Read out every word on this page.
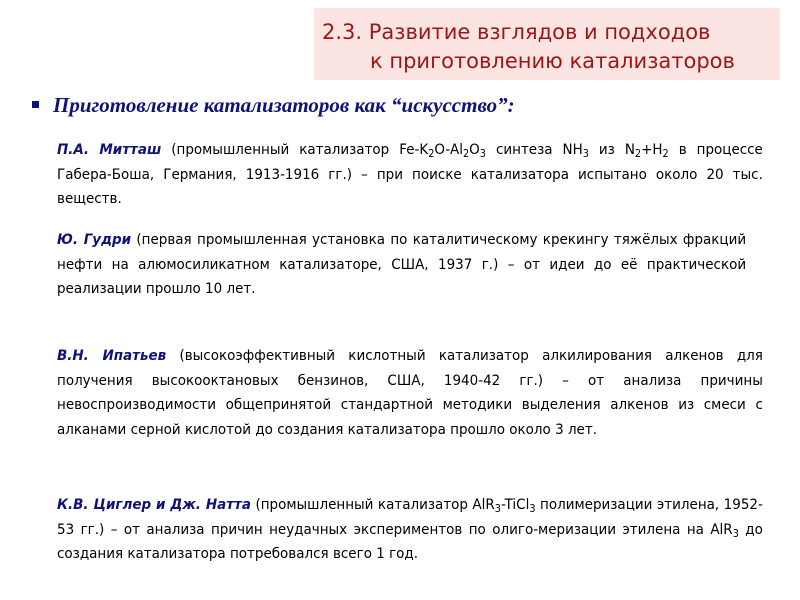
2.3. Развитие взглядов и подходов
к приготовлению катализаторов
Приготовление катализаторов как “искусство”:

П.А. Митташ (промышленный катализатор $Fe-K_2O-Al_2O_3$ синтеза $NH_3$ из $N_2+H_2$ в процессе Габера-Боша, Германия, 1913-1916 гг.) – при поиске катализатора испытано около 20 тыс. веществ.

Ю. Гудри (первая промышленная установка по каталитическому крекингу тяжёлых фракций нефти на алюмосиликатном катализаторе, США, 1937 г.) – от идеи до её практической реализации прошло 10 лет.

В.Н. Ипатьев (высокоэффективный кислотный катализатор алкилирования алкенов для получения высокооктановых бензинов, США, 1940-42 гг.) – от анализа причины невоспроизводимости общепринятой стандартной методики выделения алкенов из смеси с алканами серной кислотой до создания катализатора прошло около 3 лет.

К.В. Циглер и Дж. Натта (промышленный катализатор AlR$_3$-TiCl$_3$ полимеризации этилена, 1952-53 гг.) – от анализа причин неудачных экспериментов по олиго-меризации этилена на AlR$_3$ до создания катализатора потребовался всего 1 год.
